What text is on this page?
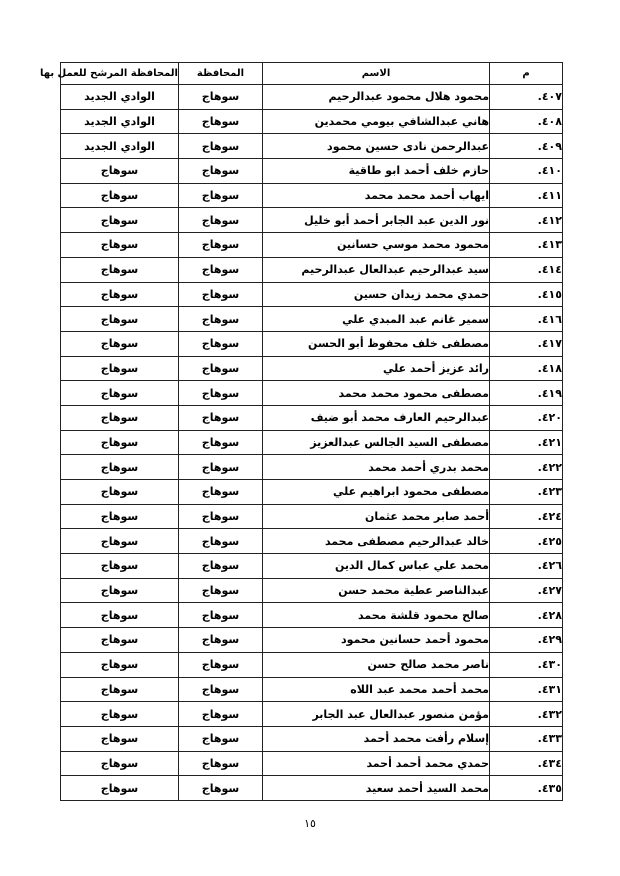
م	الاسم	المحافظة	المحافظة المرشح للعمل بها
٤٠٧.	محمود هلال محمود عبدالرحيم	سوهاج	الوادي الجديد
٤٠٨.	هاني عبدالشافي بيومي محمدين	سوهاج	الوادي الجديد
٤٠٩.	عبدالرحمن نادى حسين محمود	سوهاج	الوادي الجديد
٤١٠.	حازم خلف أحمد ابو طاقية	سوهاج	سوهاج
٤١١.	ايهاب أحمد محمد محمد	سوهاج	سوهاج
٤١٢.	نور الدين عبد الجابر أحمد أبو خليل	سوهاج	سوهاج
٤١٣.	محمود محمد موسي حسانين	سوهاج	سوهاج
٤١٤.	سيد عبدالرحيم عبدالعال عبدالرحيم	سوهاج	سوهاج
٤١٥.	حمدي محمد زيدان حسين	سوهاج	سوهاج
٤١٦.	سمير غانم عبد المبدي علي	سوهاج	سوهاج
٤١٧.	مصطفى خلف محفوظ أبو الحسن	سوهاج	سوهاج
٤١٨.	رائد عزيز أحمد علي	سوهاج	سوهاج
٤١٩.	مصطفى محمود محمد محمد	سوهاج	سوهاج
٤٢٠.	عبدالرحيم العارف محمد أبو ضيف	سوهاج	سوهاج
٤٢١.	مصطفى السيد الجالس عبدالعزيز	سوهاج	سوهاج
٤٢٢.	محمد بدري أحمد محمد	سوهاج	سوهاج
٤٢٣.	مصطفى محمود ابراهيم علي	سوهاج	سوهاج
٤٢٤.	أحمد صابر محمد عثمان	سوهاج	سوهاج
٤٢٥.	خالد عبدالرحيم مصطفى محمد	سوهاج	سوهاج
٤٢٦.	محمد علي عباس كمال الدين	سوهاج	سوهاج
٤٢٧.	عبدالناصر عطية محمد حسن	سوهاج	سوهاج
٤٢٨.	صالح محمود قلشة محمد	سوهاج	سوهاج
٤٢٩.	محمود أحمد حسانين محمود	سوهاج	سوهاج
٤٣٠.	ناصر محمد صالح حسن	سوهاج	سوهاج
٤٣١.	محمد أحمد محمد عبد اللاه	سوهاج	سوهاج
٤٣٢.	مؤمن منصور عبدالعال عبد الجابر	سوهاج	سوهاج
٤٣٣.	إسلام رأفت محمد أحمد	سوهاج	سوهاج
٤٣٤.	حمدي محمد أحمد أحمد	سوهاج	سوهاج
٤٣٥.	محمد السيد أحمد سعيد	سوهاج	سوهاج
١٥
